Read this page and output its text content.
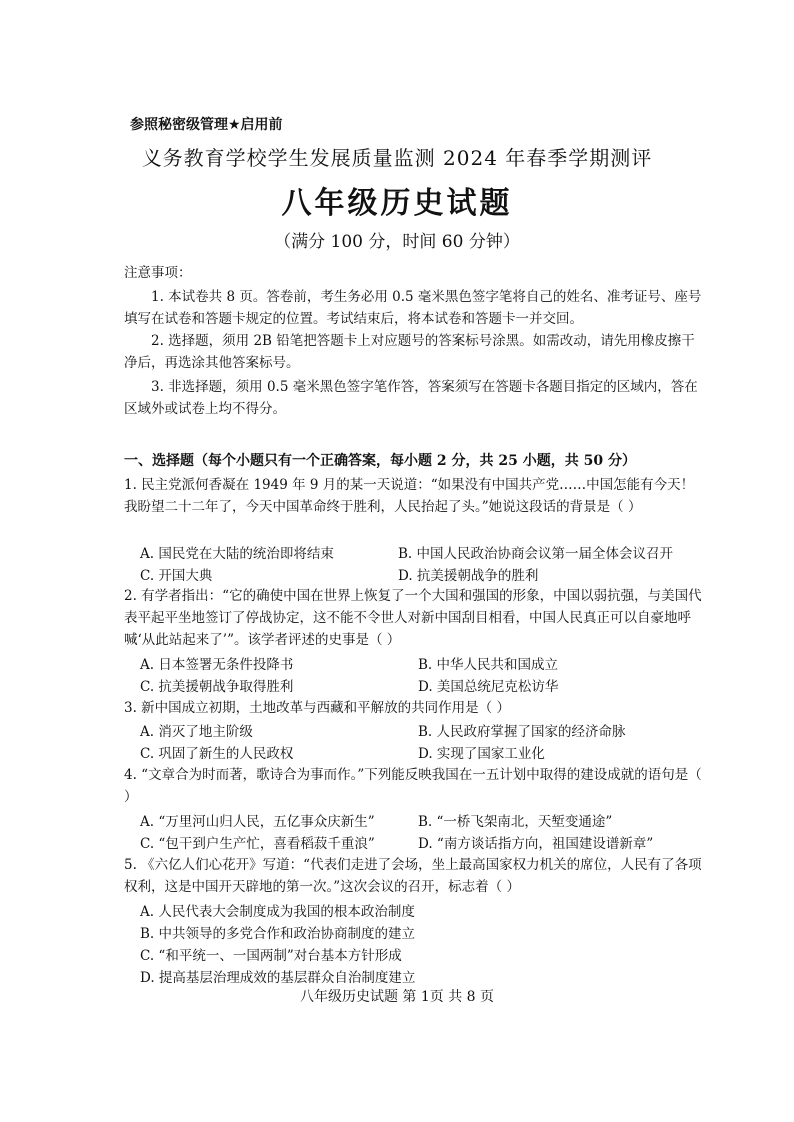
参照秘密级管理★启用前
义务教育学校学生发展质量监测 2024 年春季学期测评
八年级历史试题
（满分 100 分，时间 60 分钟）
注意事项：
1. 本试卷共 8 页。答卷前，考生务必用 0.5 毫米黑色签字笔将自己的姓名、准考证号、座号填写在试卷和答题卡规定的位置。考试结束后，将本试卷和答题卡一并交回。
2. 选择题，须用 2B 铅笔把答题卡上对应题号的答案标号涂黑。如需改动，请先用橡皮擦干净后，再选涂其他答案标号。
3. 非选择题，须用 0.5 毫米黑色签字笔作答，答案须写在答题卡各题目指定的区域内，答在区域外或试卷上均不得分。
一、选择题（每个小题只有一个正确答案，每小题 2 分，共 25 小题，共 50 分）
1. 民主党派何香凝在 1949 年 9 月的某一天说道：“如果没有中国共产党……中国怎能有今天！我盼望二十二年了，今天中国革命终于胜利，人民抬起了头。”她说这段话的背景是（ ）
A. 国民党在大陆的统治即将结束	B. 中国人民政治协商会议第一届全体会议召开
C. 开国大典	D. 抗美援朝战争的胜利
2. 有学者指出：“它的确使中国在世界上恢复了一个大国和强国的形象，中国以弱抗强，与美国代表平起平坐地签订了停战协定，这不能不令世人对新中国刮目相看，中国人民真正可以自豪地呼喊‘从此站起来了’”。该学者评述的史事是（ ）
A. 日本签署无条件投降书	B. 中华人民共和国成立
C. 抗美援朝战争取得胜利	D. 美国总统尼克松访华
3. 新中国成立初期，土地改革与西藏和平解放的共同作用是（ ）
A. 消灭了地主阶级	B. 人民政府掌握了国家的经济命脉
C. 巩固了新生的人民政权	D. 实现了国家工业化
4. “文章合为时而著，歌诗合为事而作。”下列能反映我国在一五计划中取得的建设成就的语句是（ ）
A. “万里河山归人民，五亿事众庆新生”	B. “一桥飞架南北，天堑变通途”
C. “包干到户生产忙，喜看稻菽千重浪”	D. “南方谈话指方向，祖国建设谱新章”
5. 《六亿人们心花开》写道：“代表们走进了会场，坐上最高国家权力机关的席位，人民有了各项权利，这是中国开天辟地的第一次。”这次会议的召开，标志着（ ）
A. 人民代表大会制度成为我国的根本政治制度
B. 中共领导的多党合作和政治协商制度的建立
C. “和平统一、一国两制”对台基本方针形成
D. 提高基层治理成效的基层群众自治制度建立
八年级历史试题 第 1页 共 8 页
